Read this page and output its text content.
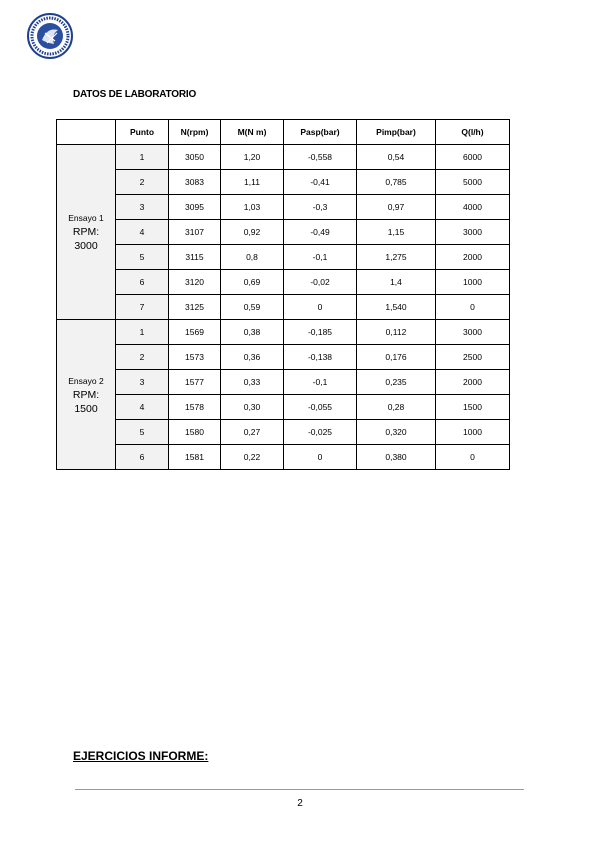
DATOS DE LABORATORIO
	Punto	N(rpm)	M(N m)	Pasp(bar)	Pimp(bar)	Q(l/h)

Ensayo 1
RPM:
3000	1	3050	1,20	-0,558	0,54	6000
	2	3083	1,11	-0,41	0,785	5000
	3	3095	1,03	-0,3	0,97	4000
	4	3107	0,92	-0,49	1,15	3000
	5	3115	0,8	-0,1	1,275	2000
	6	3120	0,69	-0,02	1,4	1000
	7	3125	0,59	0	1,540	0

Ensayo 2
RPM:
1500	1	1569	0,38	-0,185	0,112	3000
	2	1573	0,36	-0,138	0,176	2500
	3	1577	0,33	-0,1	0,235	2000
	4	1578	0,30	-0,055	0,28	1500
	5	1580	0,27	-0,025	0,320	1000
	6	1581	0,22	0	0,380	0
EJERCICIOS INFORME:
2
